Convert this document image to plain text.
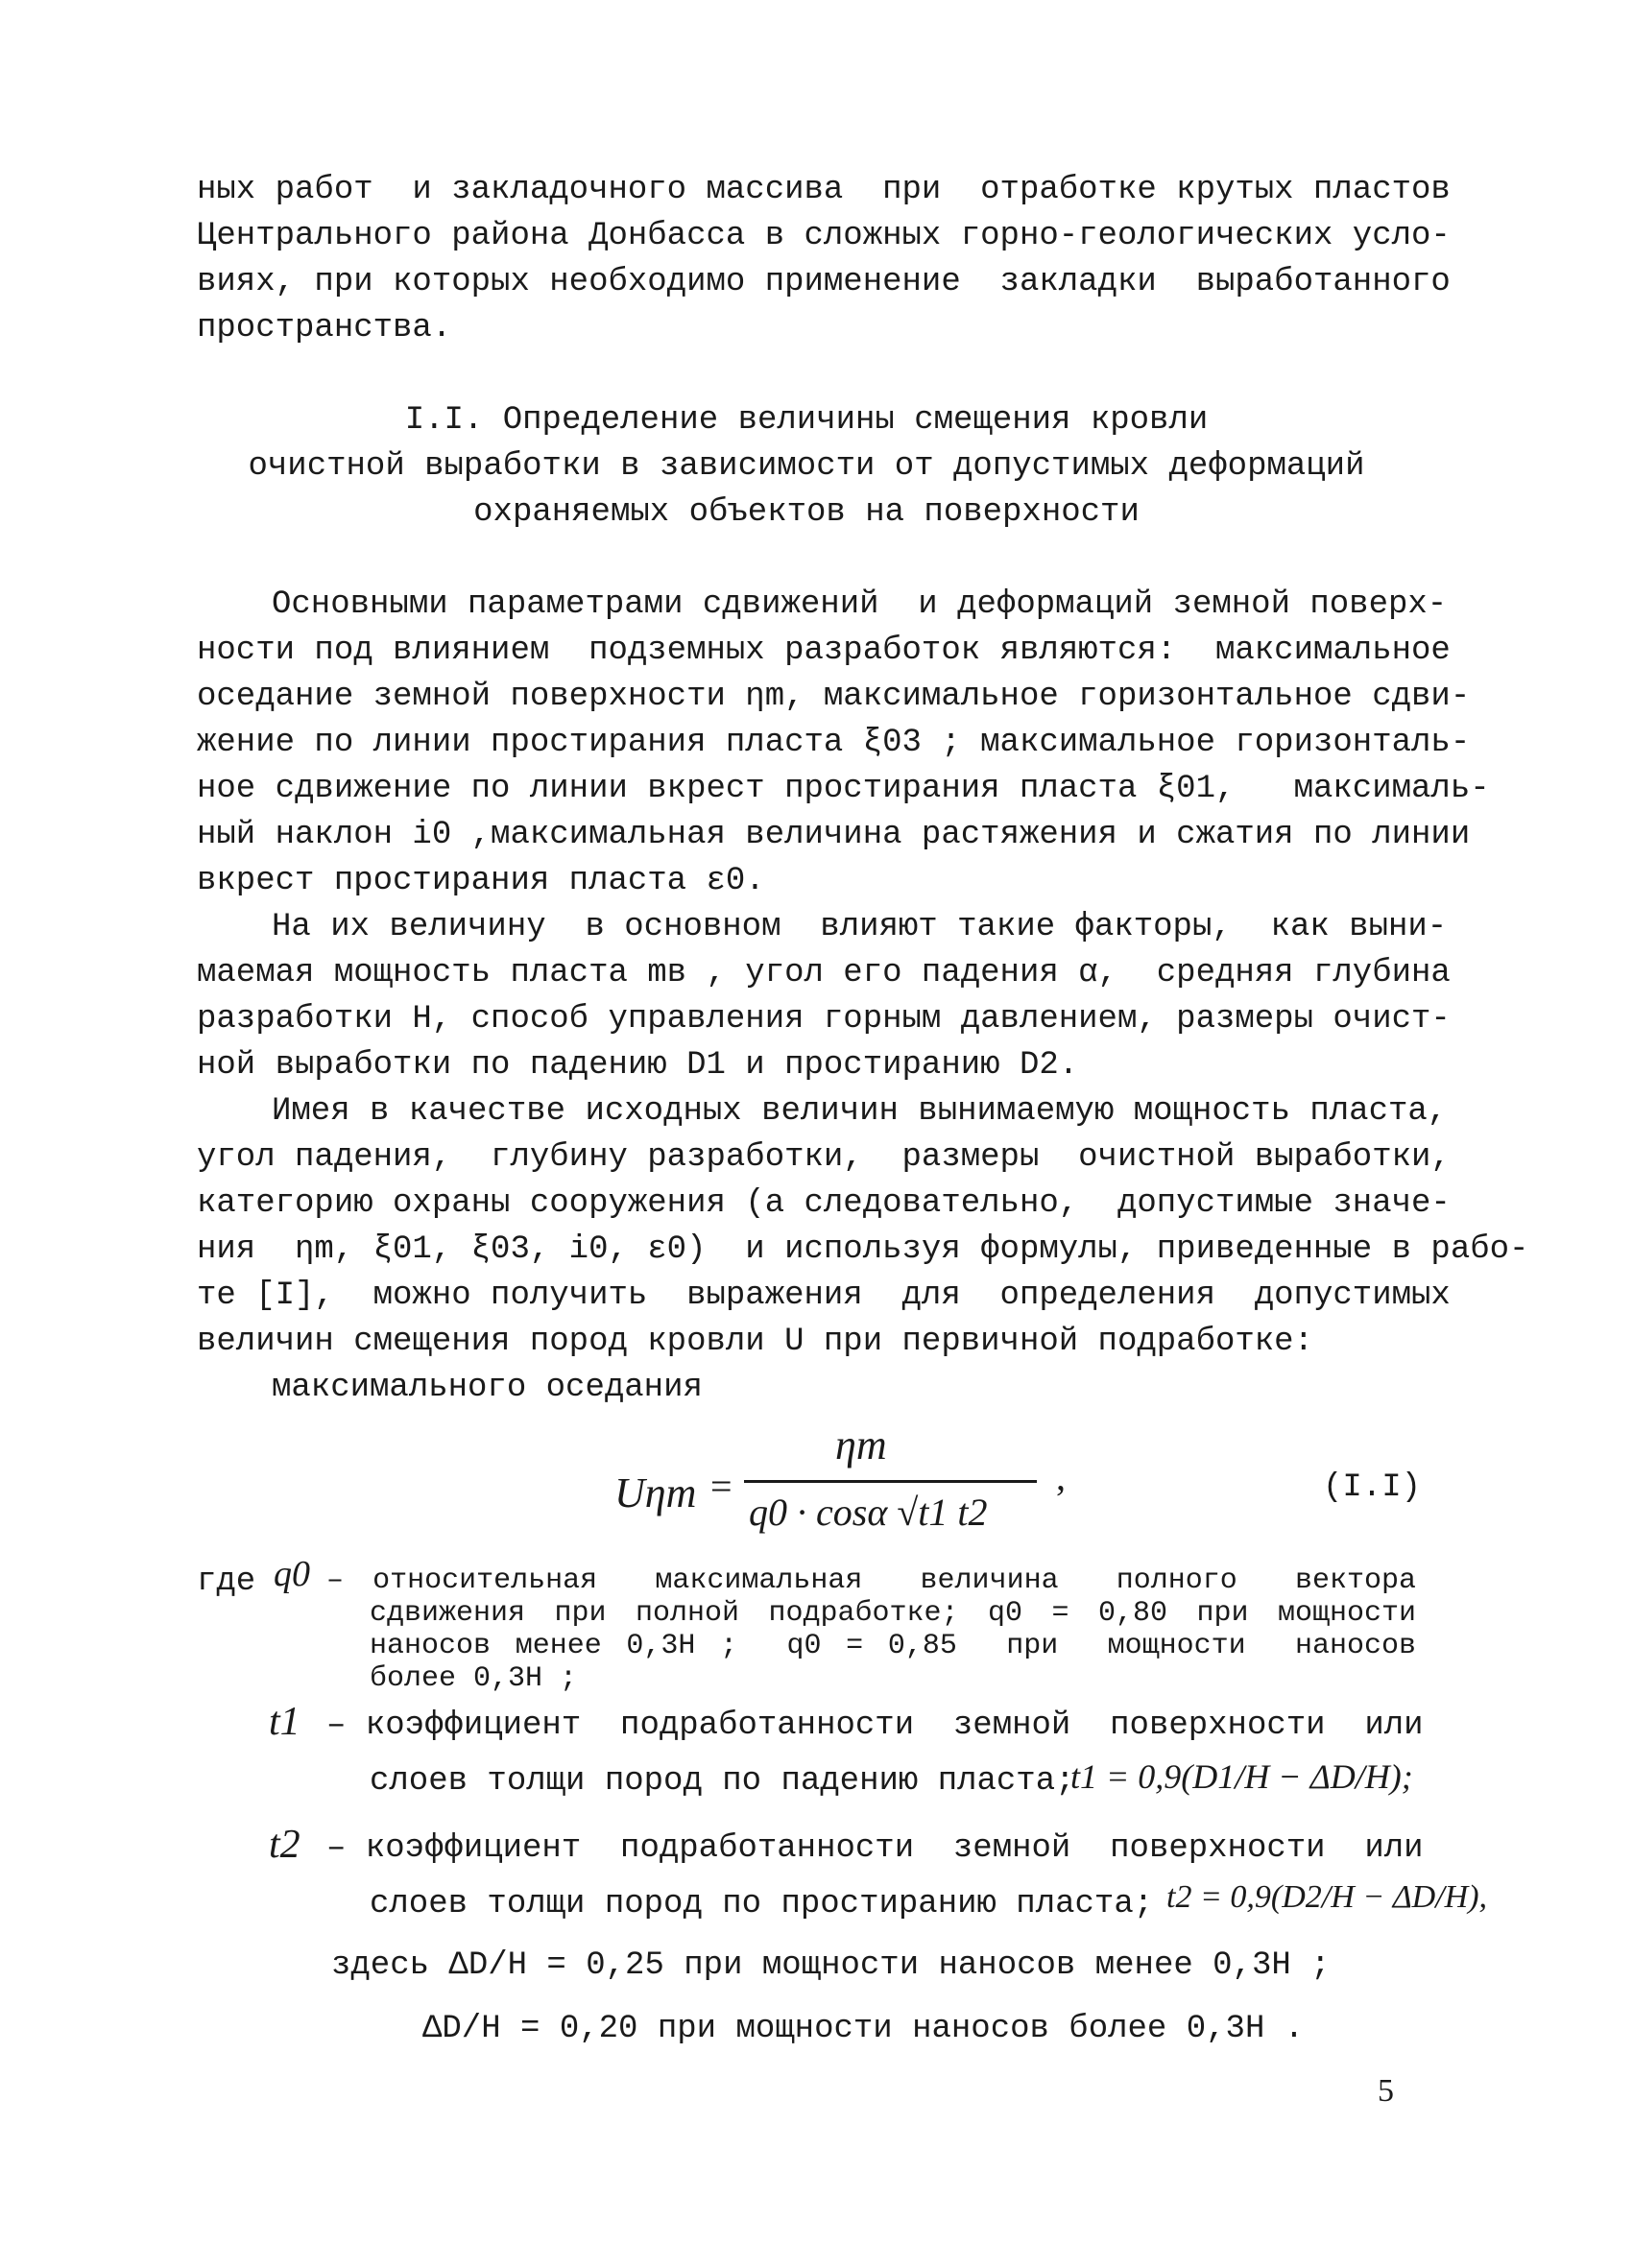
ных работ  и закладочного массива  при  отработке крутых пластов
Центрального района Донбасса в сложных горно-геологических усло-
виях, при которых необходимо применение  закладки  выработанного
пространства.
I.I. Определение величины смещения кровли
очистной выработки в зависимости от допустимых деформаций
охраняемых объектов на поверхности
Основными параметрами сдвижений  и деформаций земной поверх-
ности под влиянием  подземных разработок являются:  максимальное
оседание земной поверхности ηm, максимальное горизонтальное сдви-
жение по линии простирания пласта ξ03 ; максимальное горизонталь-
ное сдвижение по линии вкрест простирания пласта ξ01,   максималь-
ный наклон i0 ,максимальная величина растяжения и сжатия по линии
вкрест простирания пласта ε0.
На их величину  в основном  влияют такие факторы,  как выни-
маемая мощность пласта mв , угол его падения α,  средняя глубина
разработки H, способ управления горным давлением, размеры очист-
ной выработки по падению D1 и простиранию D2.
Имея в качестве исходных величин вынимаемую мощность пласта,
угол падения,  глубину разработки,  размеры  очистной выработки,
категорию охраны сооружения (а следовательно,  допустимые значе-
ния  ηm, ξ01, ξ03, i0, ε0)  и используя формулы, приведенные в рабо-
те [I],  можно получить  выражения  для  определения  допустимых
величин смещения пород кровли U при первичной подработке:
максимального оседания
Uηm =
ηm
q0 · cosα √t1 t2
,	(I.I)
где q0 – относительная  максимальная  величина  полного  вектора
сдвижения при полной подработке; q0 = 0,80 при мощности
наносов менее 0,3H ;  q0 = 0,85  при  мощности  наносов
более 0,3H ;
t1 – коэффициент  подработанности  земной  поверхности  или
слоев толщи пород по падению пласта;
t1 = 0,9(D1/H − ΔD/H);
t2 – коэффициент  подработанности  земной  поверхности  или
слоев толщи пород по простиранию пласта; t2 = 0,9(D2/H − ΔD/H),
здесь ΔD/H = 0,25 при мощности наносов менее 0,3H ;
ΔD/H = 0,20 при мощности наносов более 0,3H .
5
